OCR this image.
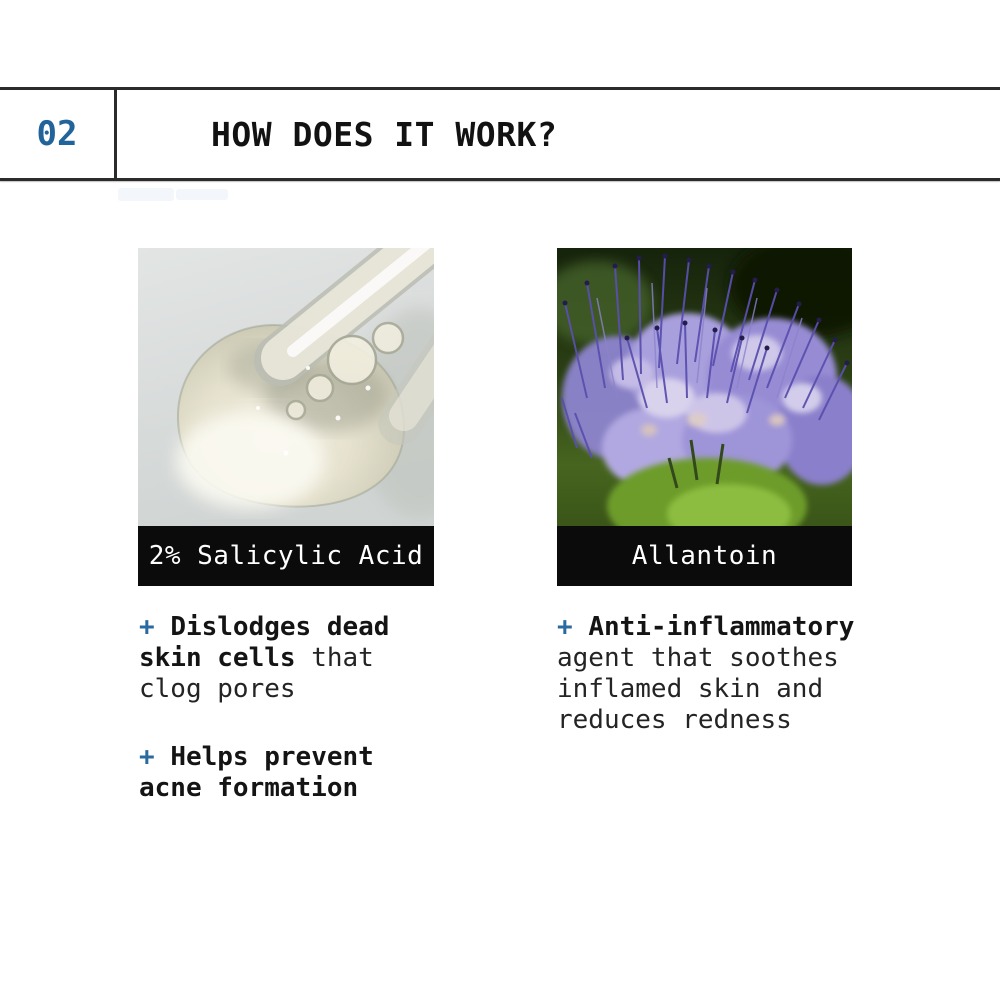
02	HOW DOES IT WORK?
2% Salicylic Acid	Allantoin

+ Dislodges dead skin cells that clog pores

+ Helps prevent acne formation

+ Anti-inflammatory agent that soothes inflamed skin and reduces redness
